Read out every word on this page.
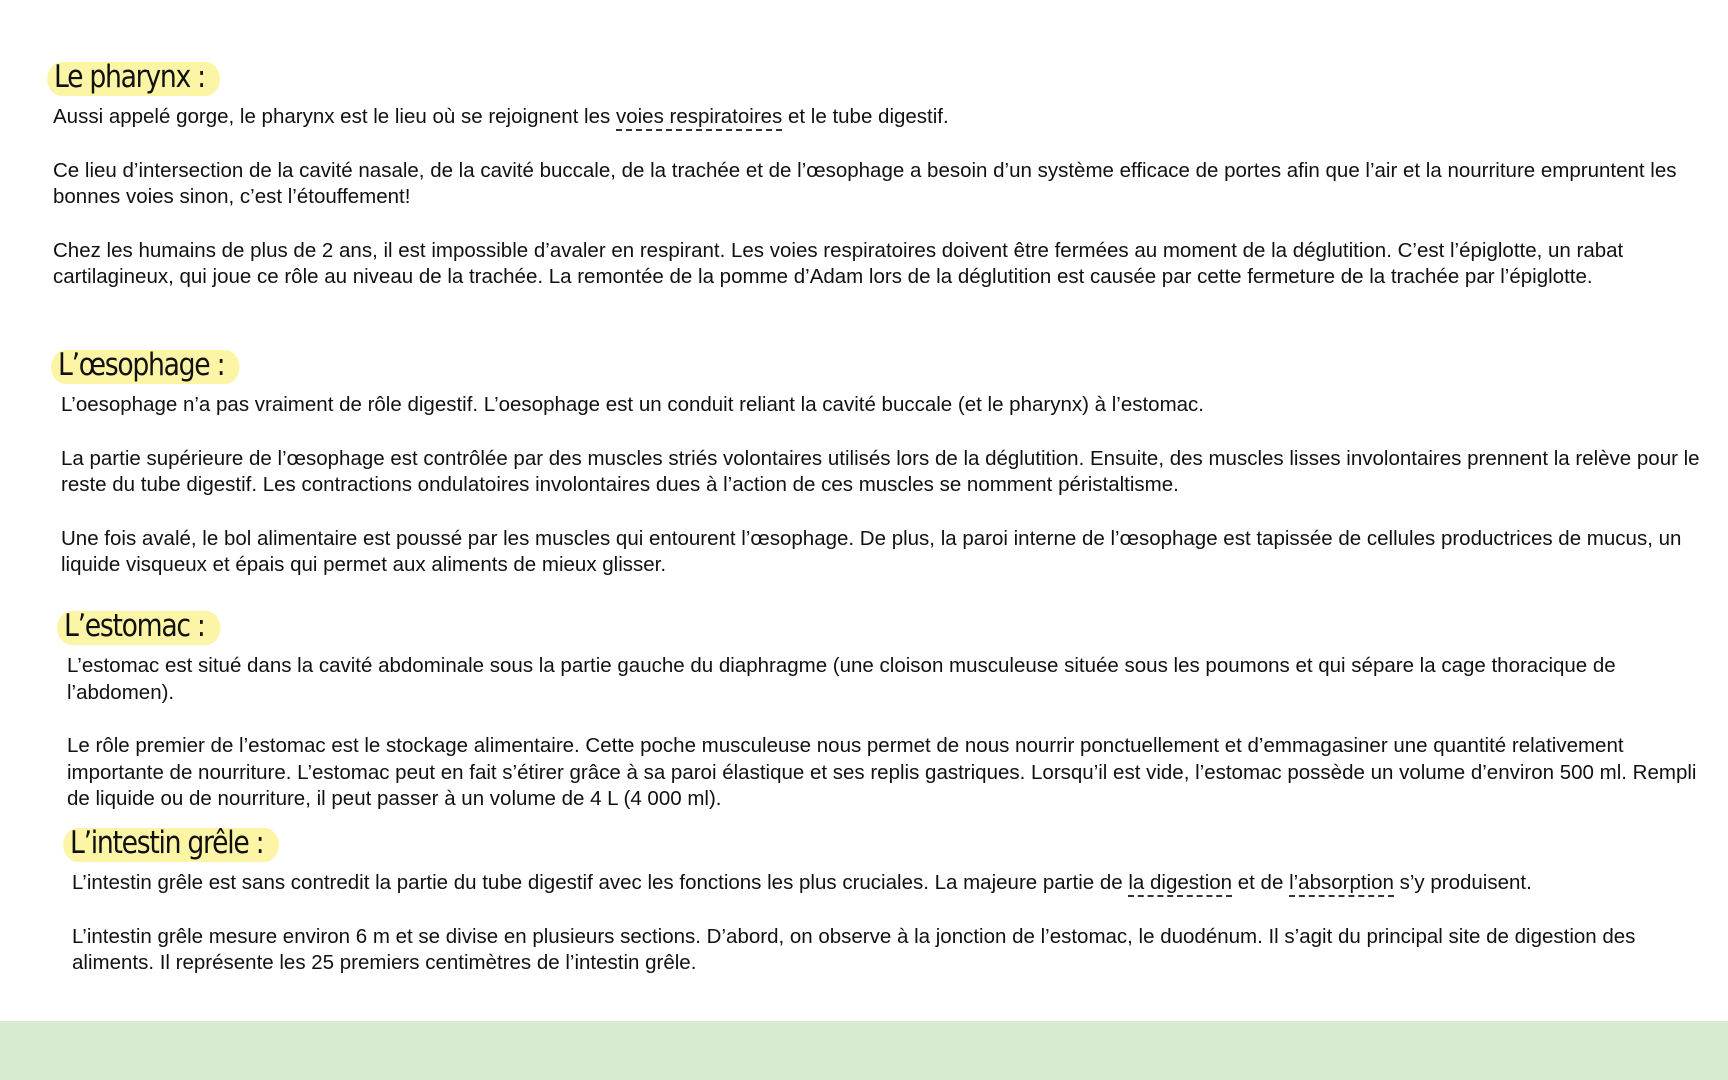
Le pharynx :

Aussi appelé gorge, le pharynx est le lieu où se rejoignent les voies respiratoires et le tube digestif.

Ce lieu d’intersection de la cavité nasale, de la cavité buccale, de la trachée et de l’œsophage a besoin d’un système efficace de portes afin que l’air et la nourriture empruntent les bonnes voies sinon, c’est l’étouffement!

Chez les humains de plus de 2 ans, il est impossible d’avaler en respirant. Les voies respiratoires doivent être fermées au moment de la déglutition. C’est l’épiglotte, un rabat cartilagineux, qui joue ce rôle au niveau de la trachée. La remontée de la pomme d’Adam lors de la déglutition est causée par cette fermeture de la trachée par l’épiglotte.

L’œsophage :

L’oesophage n’a pas vraiment de rôle digestif. L’oesophage est un conduit reliant la cavité buccale (et le pharynx) à l’estomac.

La partie supérieure de l’œsophage est contrôlée par des muscles striés volontaires utilisés lors de la déglutition. Ensuite, des muscles lisses involontaires prennent la relève pour le reste du tube digestif. Les contractions ondulatoires involontaires dues à l’action de ces muscles se nomment péristaltisme.

Une fois avalé, le bol alimentaire est poussé par les muscles qui entourent l’œsophage. De plus, la paroi interne de l’œsophage est tapissée de cellules productrices de mucus, un liquide visqueux et épais qui permet aux aliments de mieux glisser.

L’estomac :

L’estomac est situé dans la cavité abdominale sous la partie gauche du diaphragme (une cloison musculeuse située sous les poumons et qui sépare la cage thoracique de l’abdomen).

Le rôle premier de l’estomac est le stockage alimentaire. Cette poche musculeuse nous permet de nous nourrir ponctuellement et d’emmagasiner une quantité relativement importante de nourriture. L’estomac peut en fait s’étirer grâce à sa paroi élastique et ses replis gastriques. Lorsqu’il est vide, l’estomac possède un volume d’environ 500 ml. Rempli de liquide ou de nourriture, il peut passer à un volume de 4 L (4 000 ml).

L’intestin grêle :

L’intestin grêle est sans contredit la partie du tube digestif avec les fonctions les plus cruciales. La majeure partie de la digestion et de l’absorption s’y produisent.

L’intestin grêle mesure environ 6 m et se divise en plusieurs sections. D’abord, on observe à la jonction de l’estomac, le duodénum. Il s’agit du principal site de digestion des aliments. Il représente les 25 premiers centimètres de l’intestin grêle.
